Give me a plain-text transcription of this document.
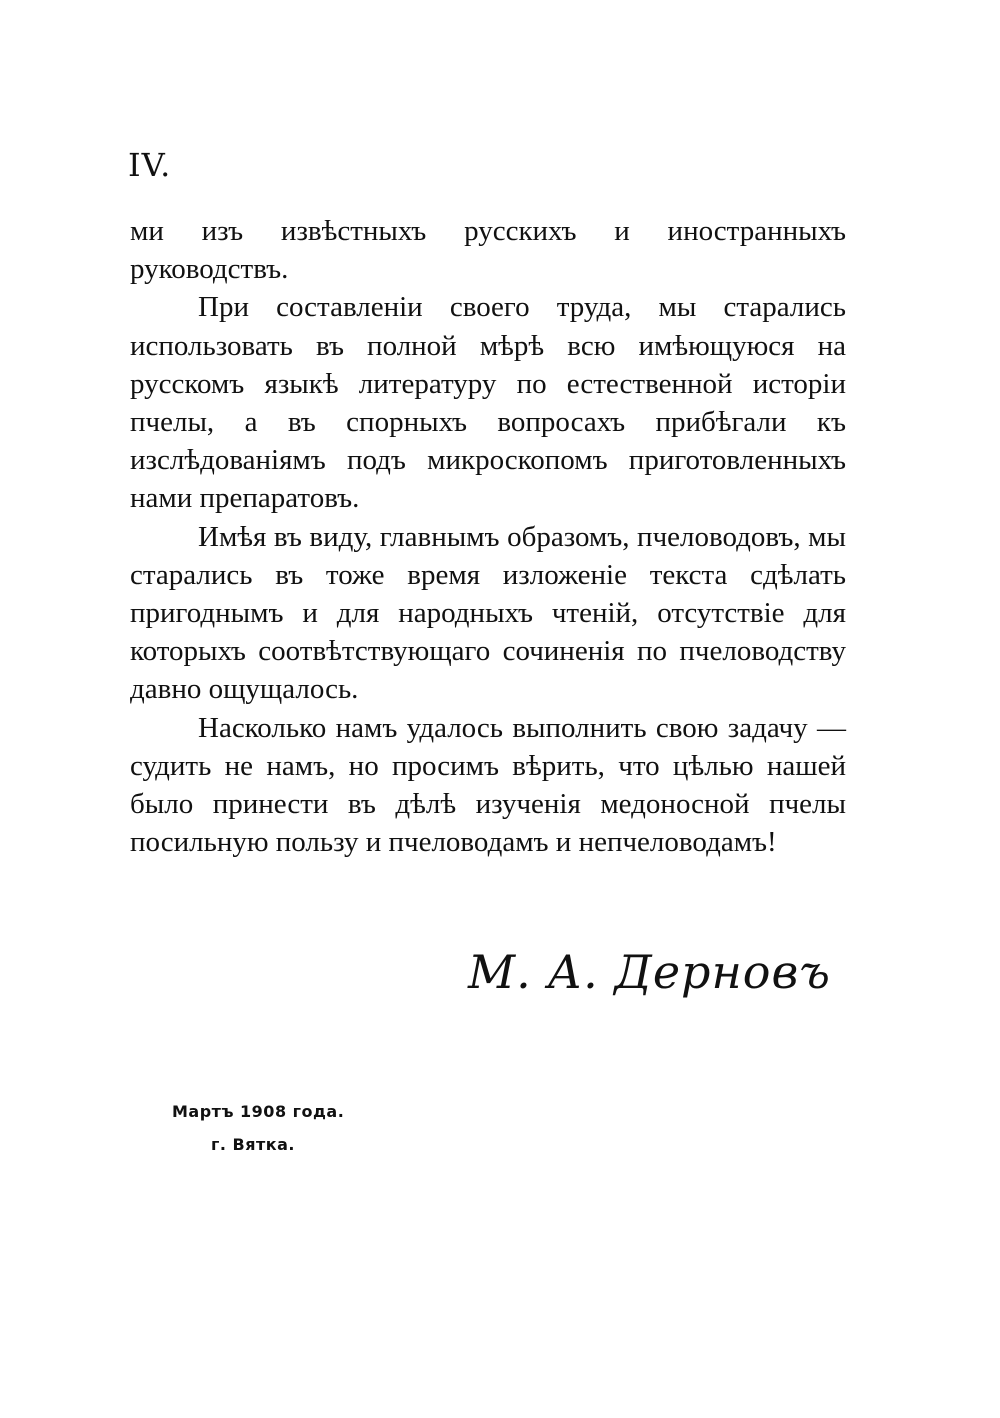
IV.

ми изъ извѣстныхъ русскихъ и иностранныхъ руководствъ.

При составленіи своего труда, мы старались использовать въ полной мѣрѣ всю имѣющуюся на русскомъ языкѣ литературу по естественной исторіи пчелы, а въ спорныхъ вопросахъ прибѣгали къ изслѣдованіямъ подъ микроскопомъ приготовленныхъ нами препаратовъ.

Имѣя въ виду, главнымъ образомъ, пчеловодовъ, мы старались въ тоже время изложеніе текста сдѣлать пригоднымъ и для народныхъ чтеній, отсутствіе для которыхъ соотвѣтствующаго сочиненія по пчеловодству давно ощущалось.

Насколько намъ удалось выполнить свою задачу — судить не намъ, но просимъ вѣрить, что цѣлью нашей было принести въ дѣлѣ изученія медоносной пчелы посильную пользу и пчеловодамъ и непчеловодамъ!

М. А. Дерновъ
Мартъ 1908 года.
г. Вятка.
